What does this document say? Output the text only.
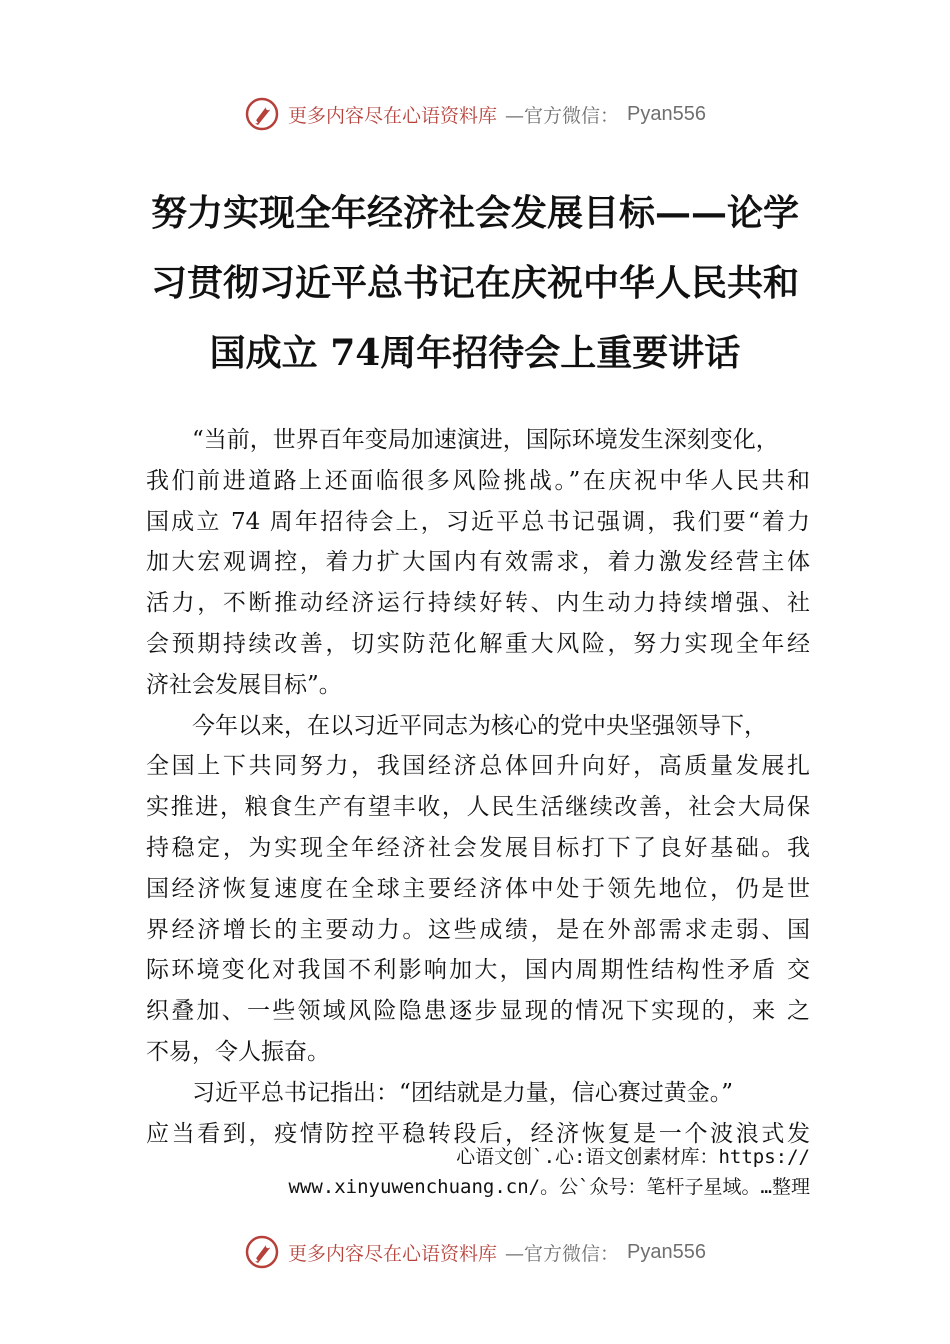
更多内容尽在心语资料库 —官方微信： Pyan556
努力实现全年经济社会发展目标——论学
习贯彻习近平总书记在庆祝中华人民共和
国成立 74周年招待会上重要讲话
“当前，世界百年变局加速演进，国际环境发生深刻变化，
我们前进道路上还面临很多风险挑战。”在庆祝中华人民共和
国成立 74 周年招待会上，习近平总书记强调，我们要“着力
加大宏观调控，着力扩大国内有效需求，着力激发经营主体
活力，不断推动经济运行持续好转、内生动力持续增强、社
会预期持续改善，切实防范化解重大风险，努力实现全年经
济社会发展目标”。
今年以来，在以习近平同志为核心的党中央坚强领导下，
全国上下共同努力，我国经济总体回升向好，高质量发展扎
实推进，粮食生产有望丰收，人民生活继续改善，社会大局保
持稳定，为实现全年经济社会发展目标打下了良好基础。我
国经济恢复速度在全球主要经济体中处于领先地位，仍是世
界经济增长的主要动力。这些成绩，是在外部需求走弱、国
际环境变化对我国不利影响加大，国内周期性结构性矛盾 交
织叠加、一些领域风险隐患逐步显现的情况下实现的，来 之
不易，令人振奋。
习近平总书记指出：“团结就是力量，信心赛过黄金。”
应当看到，疫情防控平稳转段后，经济恢复是一个波浪式发
心语文创`.心:语文创素材库：https://
www.xinyuwenchuang.cn/。公`众号：笔杆子星域。…整理
更多内容尽在心语资料库 —官方微信： Pyan556
